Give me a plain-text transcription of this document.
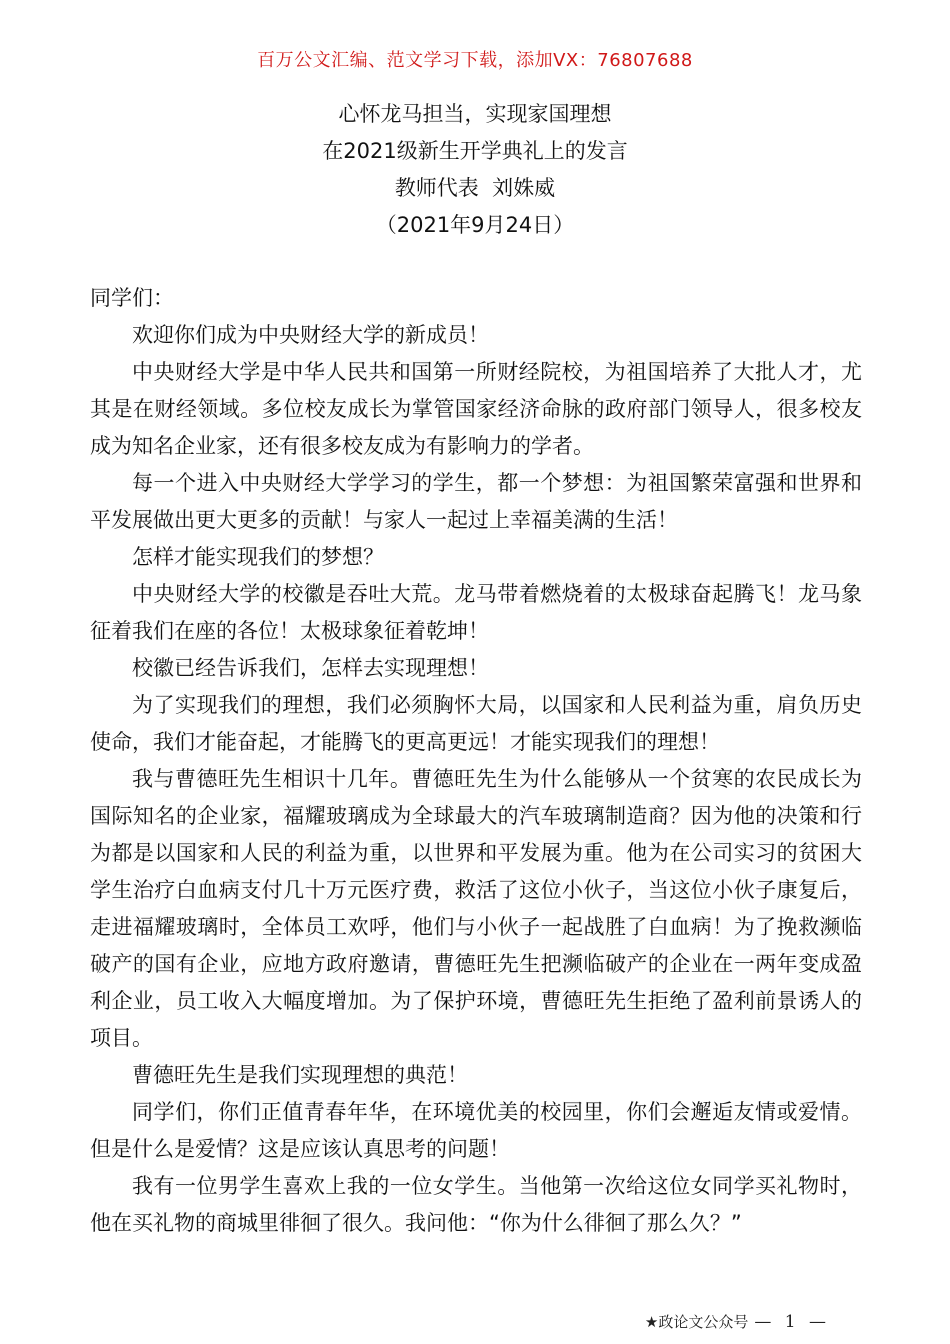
百万公文汇编、范文学习下载，添加VX：76807688
心怀龙马担当，实现家国理想
在2021级新生开学典礼上的发言
教师代表  刘姝威
（2021年9月24日）

同学们：

欢迎你们成为中央财经大学的新成员！

中央财经大学是中华人民共和国第一所财经院校，为祖国培养了大批人才，尤其是在财经领域。多位校友成长为掌管国家经济命脉的政府部门领导人，很多校友成为知名企业家，还有很多校友成为有影响力的学者。

每一个进入中央财经大学学习的学生，都一个梦想：为祖国繁荣富强和世界和平发展做出更大更多的贡献！与家人一起过上幸福美满的生活！

怎样才能实现我们的梦想？

中央财经大学的校徽是吞吐大荒。龙马带着燃烧着的太极球奋起腾飞！龙马象征着我们在座的各位！太极球象征着乾坤！

校徽已经告诉我们，怎样去实现理想！

为了实现我们的理想，我们必须胸怀大局，以国家和人民利益为重，肩负历史使命，我们才能奋起，才能腾飞的更高更远！才能实现我们的理想！

我与曹德旺先生相识十几年。曹德旺先生为什么能够从一个贫寒的农民成长为国际知名的企业家，福耀玻璃成为全球最大的汽车玻璃制造商？因为他的决策和行为都是以国家和人民的利益为重，以世界和平发展为重。他为在公司实习的贫困大学生治疗白血病支付几十万元医疗费，救活了这位小伙子，当这位小伙子康复后，走进福耀玻璃时，全体员工欢呼，他们与小伙子一起战胜了白血病！为了挽救濒临破产的国有企业，应地方政府邀请，曹德旺先生把濒临破产的企业在一两年变成盈利企业，员工收入大幅度增加。为了保护环境，曹德旺先生拒绝了盈利前景诱人的项目。

曹德旺先生是我们实现理想的典范！

同学们，你们正值青春年华，在环境优美的校园里，你们会邂逅友情或爱情。但是什么是爱情？这是应该认真思考的问题！

我有一位男学生喜欢上我的一位女学生。当他第一次给这位女同学买礼物时，他在买礼物的商城里徘徊了很久。我问他：“你为什么徘徊了那么久？”

★政论文公众号 — 1 —
